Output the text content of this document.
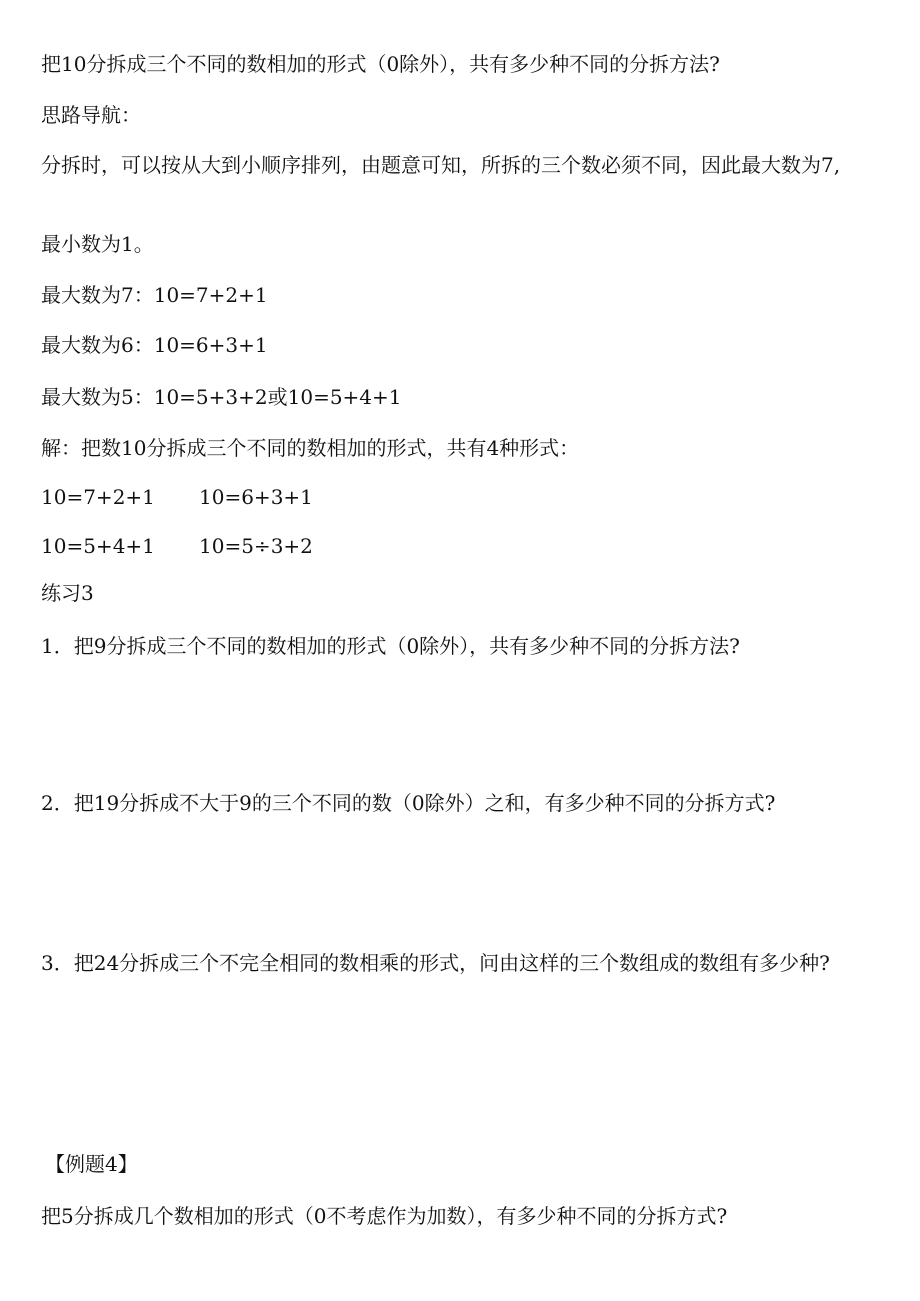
把10分拆成三个不同的数相加的形式（0除外），共有多少种不同的分拆方法?
思路导航：
分拆时，可以按从大到小顺序排列，由题意可知，所拆的三个数必须不同，因此最大数为7,
最小数为1。
最大数为7：10=7+2+1
最大数为6：10=6+3+1
最大数为5：10=5+3+2或10=5+4+1
解：把数10分拆成三个不同的数相加的形式，共有4种形式：
10=7+2+1 10=6+3+1
10=5+4+1 10=5÷3+2
练习3
1．把9分拆成三个不同的数相加的形式（0除外），共有多少种不同的分拆方法?
2．把19分拆成不大于9的三个不同的数（0除外）之和，有多少种不同的分拆方式?
3．把24分拆成三个不完全相同的数相乘的形式，问由这样的三个数组成的数组有多少种?
【例题4】
把5分拆成几个数相加的形式（0不考虑作为加数），有多少种不同的分拆方式?
